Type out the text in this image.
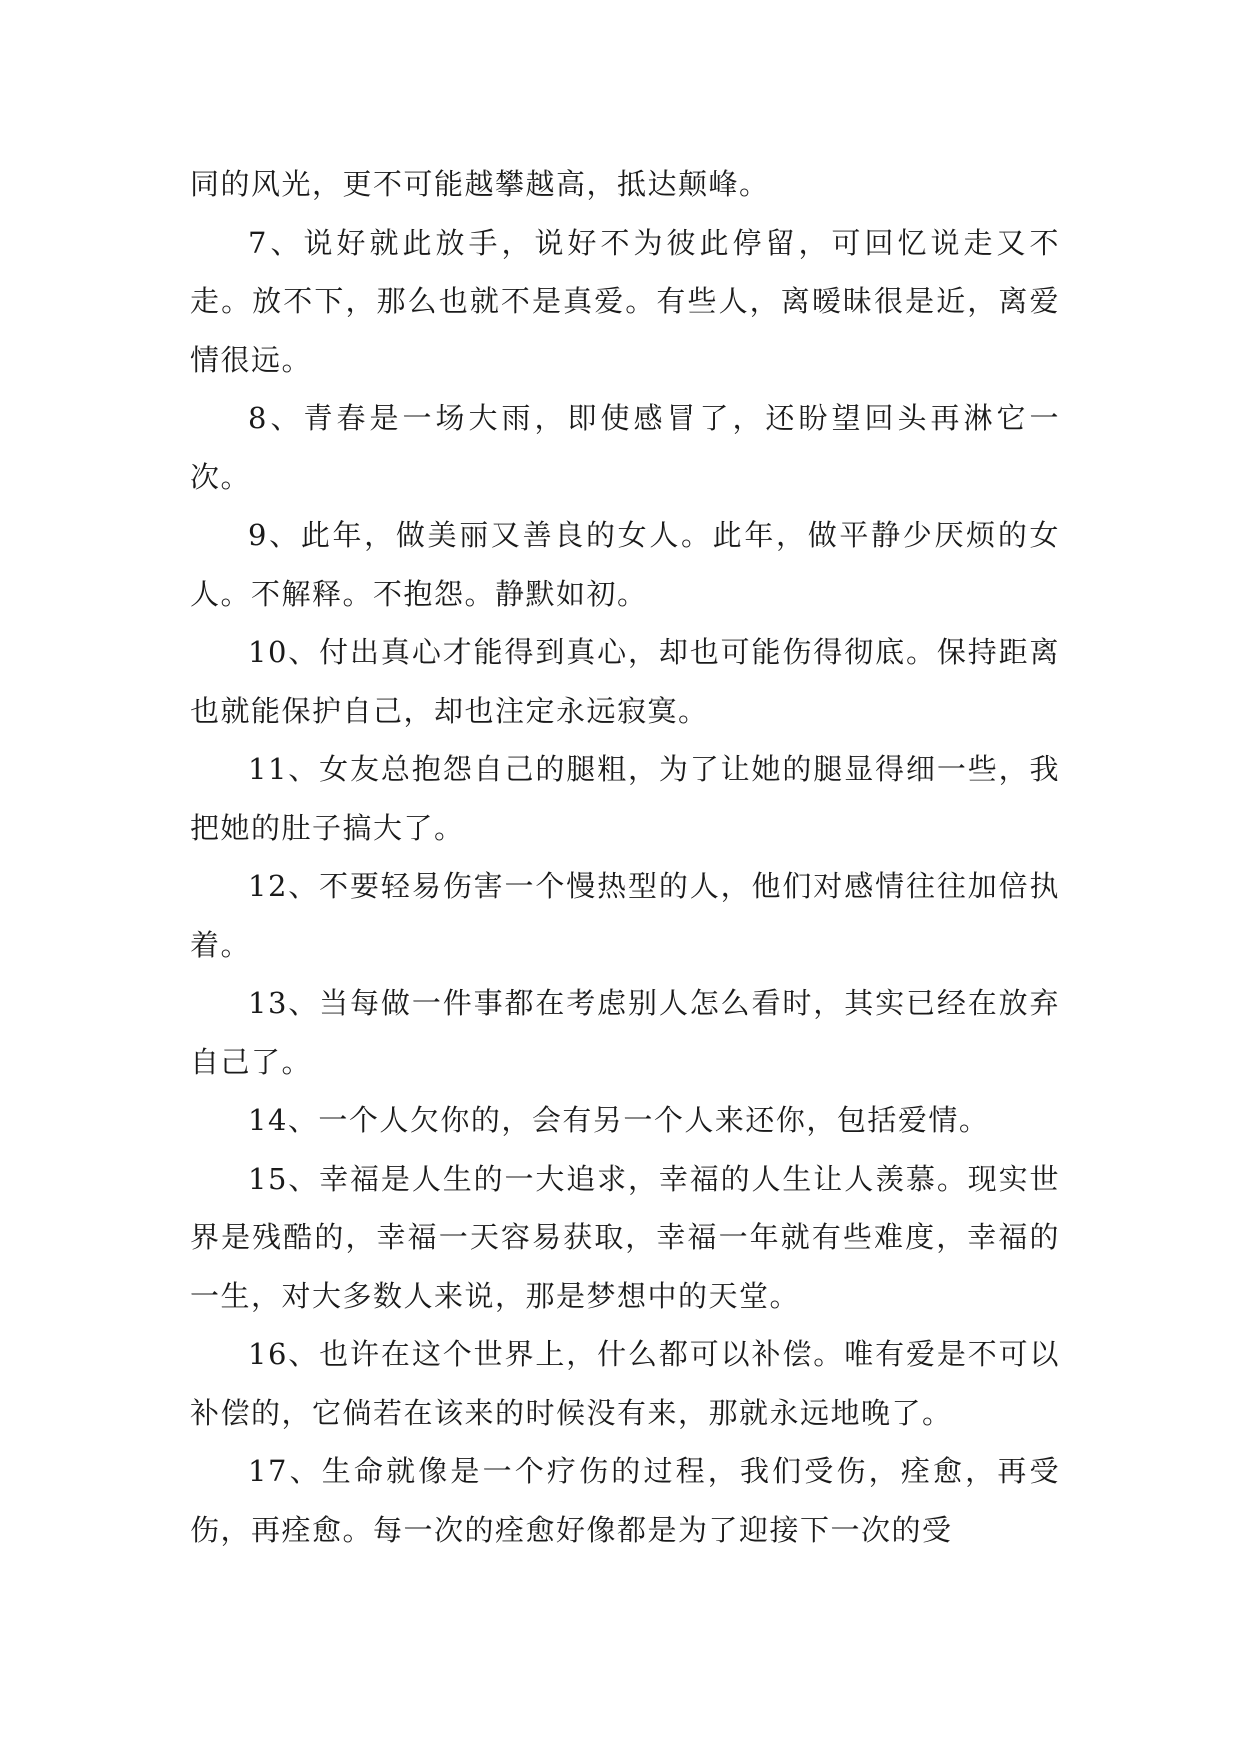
同的风光，更不可能越攀越高，抵达颠峰。

7、说好就此放手，说好不为彼此停留，可回忆说走又不走。放不下，那么也就不是真爱。有些人，离暧昧很是近，离爱情很远。

8、青春是一场大雨，即使感冒了，还盼望回头再淋它一次。

9、此年，做美丽又善良的女人。此年，做平静少厌烦的女人。不解释。不抱怨。静默如初。

10、付出真心才能得到真心，却也可能伤得彻底。保持距离也就能保护自己，却也注定永远寂寞。

11、女友总抱怨自己的腿粗，为了让她的腿显得细一些，我把她的肚子搞大了。

12、不要轻易伤害一个慢热型的人，他们对感情往往加倍执着。

13、当每做一件事都在考虑别人怎么看时，其实已经在放弃自己了。

14、一个人欠你的，会有另一个人来还你，包括爱情。

15、幸福是人生的一大追求，幸福的人生让人羡慕。现实世界是残酷的，幸福一天容易获取，幸福一年就有些难度，幸福的一生，对大多数人来说，那是梦想中的天堂。

16、也许在这个世界上，什么都可以补偿。唯有爱是不可以补偿的，它倘若在该来的时候没有来，那就永远地晚了。

17、生命就像是一个疗伤的过程，我们受伤，痊愈，再受伤，再痊愈。每一次的痊愈好像都是为了迎接下一次的受
